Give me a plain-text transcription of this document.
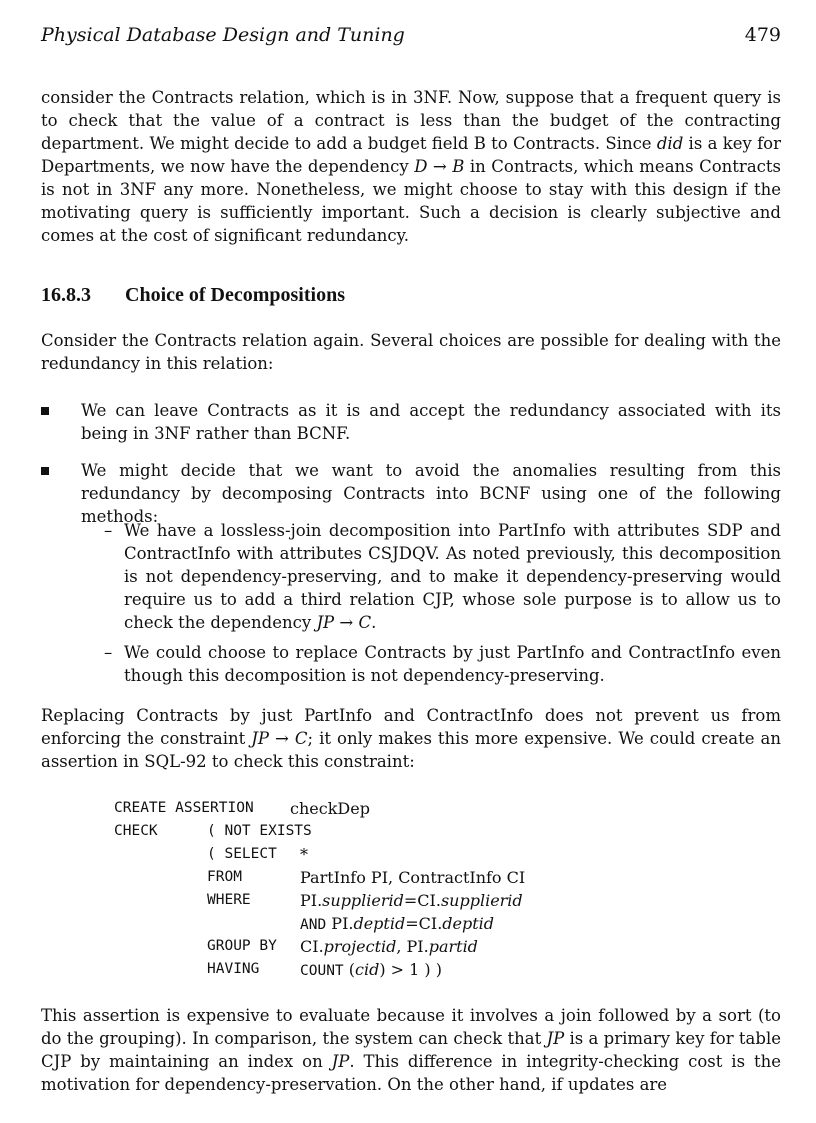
Physical Database Design and Tuning	479

consider the Contracts relation, which is in 3NF. Now, suppose that a frequent query is to check that the value of a contract is less than the budget of the contracting department. We might decide to add a budget field B to Contracts. Since did is a key for Departments, we now have the dependency D → B in Contracts, which means Contracts is not in 3NF any more. Nonetheless, we might choose to stay with this design if the motivating query is sufficiently important. Such a decision is clearly subjective and comes at the cost of significant redundancy.

16.8.3 Choice of Decompositions

Consider the Contracts relation again. Several choices are possible for dealing with the redundancy in this relation:

We can leave Contracts as it is and accept the redundancy associated with its being in 3NF rather than BCNF.
We might decide that we want to avoid the anomalies resulting from this redundancy by decomposing Contracts into BCNF using one of the following methods:
– We have a lossless-join decomposition into PartInfo with attributes SDP and ContractInfo with attributes CSJDQV. As noted previously, this decomposition is not dependency-preserving, and to make it dependency-preserving would require us to add a third relation CJP, whose sole purpose is to allow us to check the dependency JP → C.
– We could choose to replace Contracts by just PartInfo and ContractInfo even though this decomposition is not dependency-preserving.

Replacing Contracts by just PartInfo and ContractInfo does not prevent us from enforcing the constraint JP → C; it only makes this more expensive. We could create an assertion in SQL-92 to check this constraint:

CREATE ASSERTION checkDep
CHECK	( NOT EXISTS
( SELECT *
FROM	PartInfo PI, ContractInfo CI
WHERE	PI.supplierid=CI.supplierid
AND PI.deptid=CI.deptid
GROUP BY CI.projectid, PI.partid
HAVING	COUNT (cid) > 1 ) )

This assertion is expensive to evaluate because it involves a join followed by a sort (to do the grouping). In comparison, the system can check that JP is a primary key for table CJP by maintaining an index on JP. This difference in integrity-checking cost is the motivation for dependency-preservation. On the other hand, if updates are
